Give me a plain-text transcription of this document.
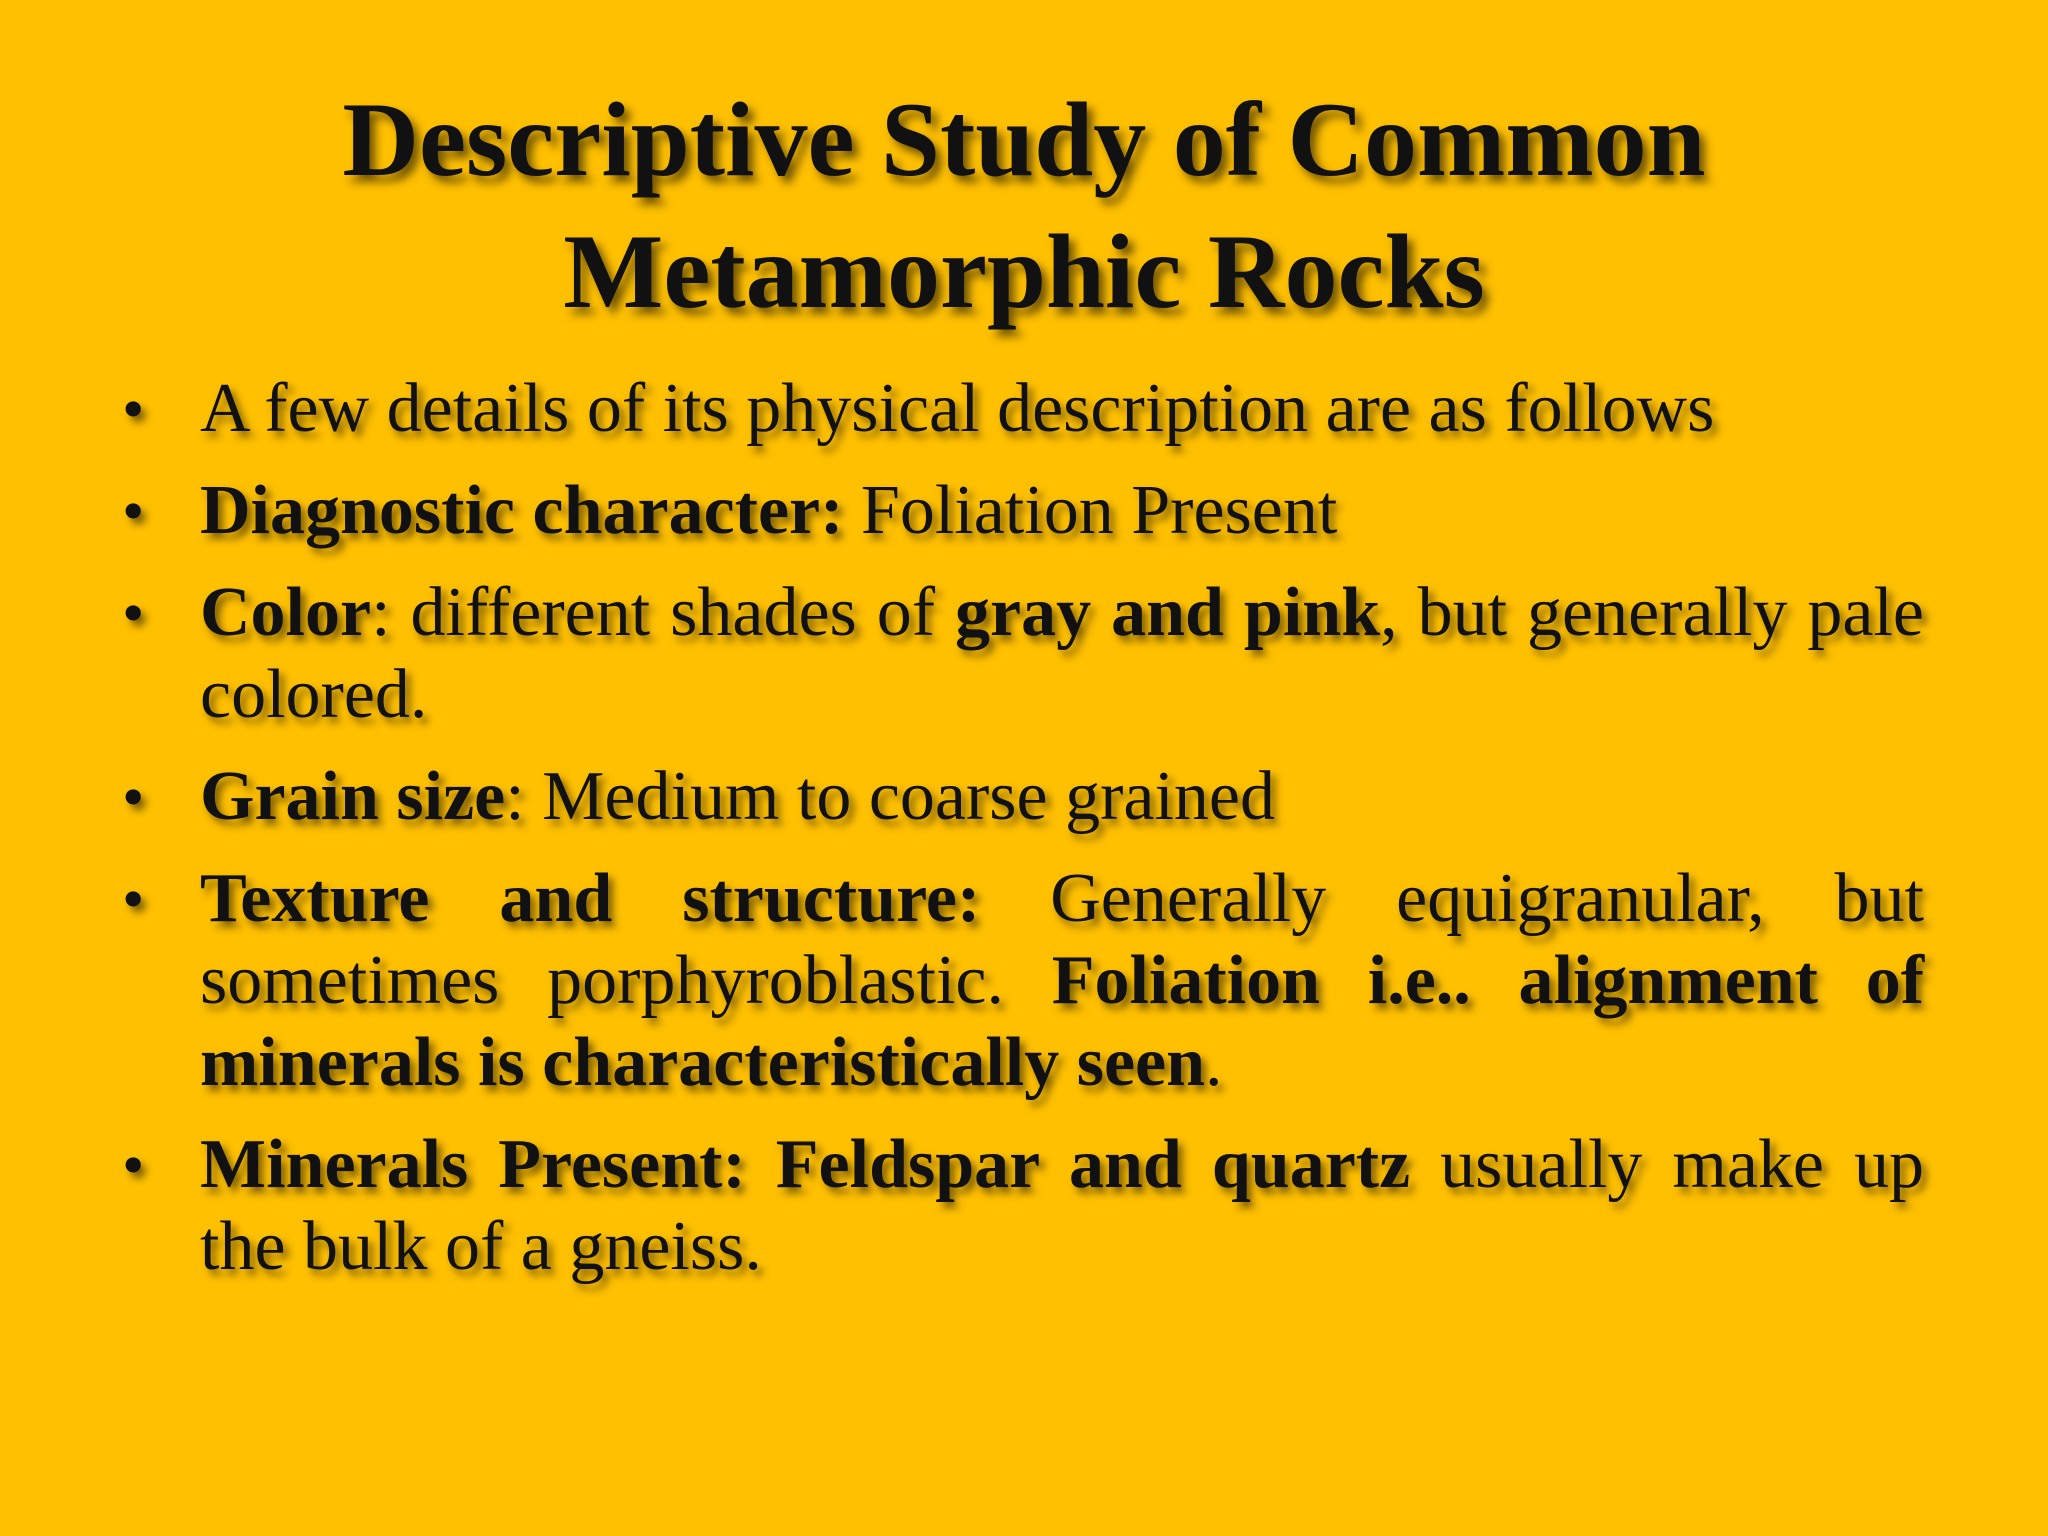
Descriptive Study of Common
Metamorphic Rocks
• A few details of its physical description are as follows
• Diagnostic character: Foliation Present
• Color: different shades of gray and pink, but generally pale colored.
• Grain size: Medium to coarse grained
• Texture and structure: Generally equigranular, but sometimes porphyroblastic. Foliation i.e.. alignment of minerals is characteristically seen.
• Minerals Present: Feldspar and quartz usually make up the bulk of a gneiss.
